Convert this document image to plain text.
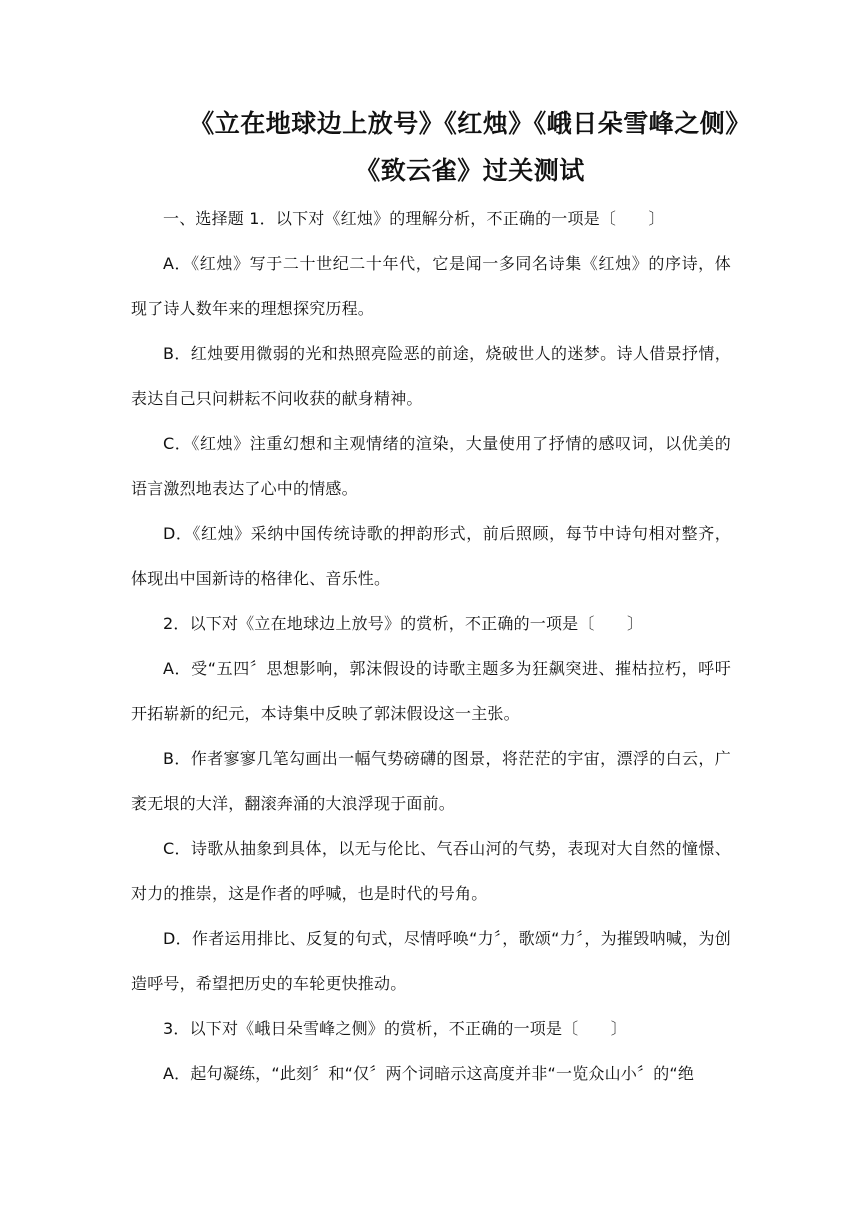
《立在地球边上放号》《红烛》《峨日朵雪峰之侧》
《致云雀》过关测试

一、选择题 1．以下对《红烛》的理解分析，不正确的一项是〔　　〕

A．《红烛》写于二十世纪二十年代，它是闻一多同名诗集《红烛》的序诗，体现了诗人数年来的理想探究历程。

B．红烛要用微弱的光和热照亮险恶的前途，烧破世人的迷梦。诗人借景抒情，表达自己只问耕耘不问收获的献身精神。

C．《红烛》注重幻想和主观情绪的渲染，大量使用了抒情的感叹词，以优美的语言激烈地表达了心中的情感。

D．《红烛》采纳中国传统诗歌的押韵形式，前后照顾，每节中诗句相对整齐，体现出中国新诗的格律化、音乐性。

2．以下对《立在地球边上放号》的赏析，不正确的一项是〔　　〕

A．受“五四〞思想影响，郭沫假设的诗歌主题多为狂飙突进、摧枯拉朽，呼吁开拓崭新的纪元，本诗集中反映了郭沫假设这一主张。

B．作者寥寥几笔勾画出一幅气势磅礴的图景，将茫茫的宇宙，漂浮的白云，广袤无垠的大洋，翻滚奔涌的大浪浮现于面前。

C．诗歌从抽象到具体，以无与伦比、气吞山河的气势，表现对大自然的憧憬、对力的推崇，这是作者的呼喊，也是时代的号角。

D．作者运用排比、反复的句式，尽情呼唤“力〞，歌颂“力〞，为摧毁呐喊，为创造呼号，希望把历史的车轮更快推动。

3．以下对《峨日朵雪峰之侧》的赏析，不正确的一项是〔　　〕

A．起句凝练，“此刻〞和“仅〞两个词暗示这高度并非“一览众山小〞的“绝
